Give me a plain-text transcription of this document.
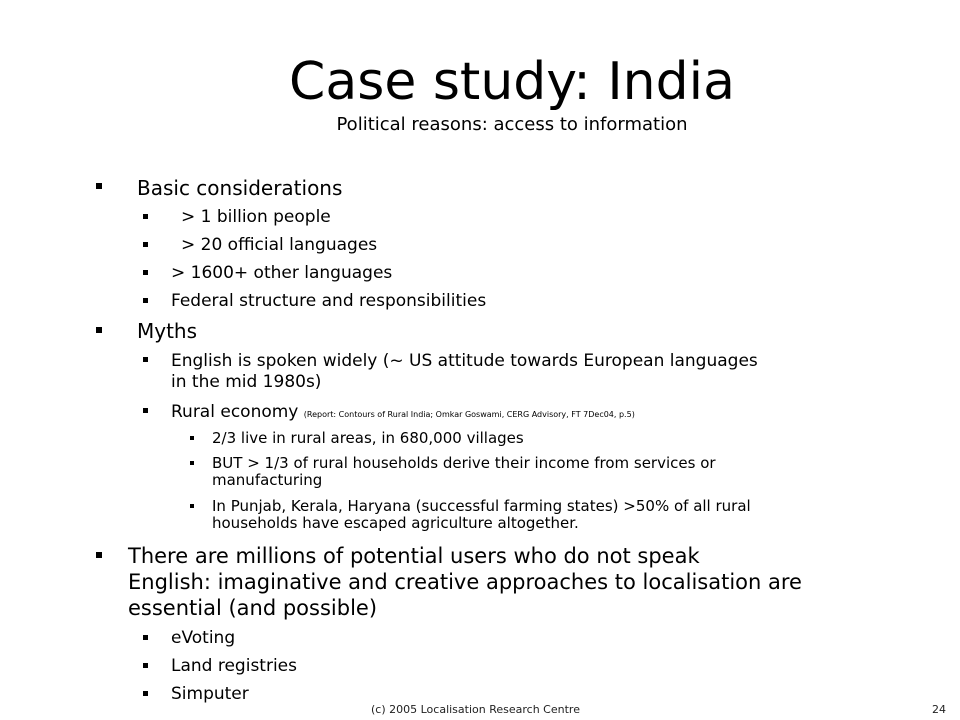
Case study: India
Political reasons: access to information
Basic considerations
> 1 billion people
> 20 official languages
> 1600+ other languages
Federal structure and responsibilities
Myths
English is spoken widely (~ US attitude towards European languages
in the mid 1980s)
Rural economy (Report: Contours of Rural India; Omkar Goswami, CERG Advisory, FT 7Dec04, p.5)
2/3 live in rural areas, in 680,000 villages
BUT > 1/3 of rural households derive their income from services or
manufacturing
In Punjab, Kerala, Haryana (successful farming states) >50% of all rural
households have escaped agriculture altogether.
There are millions of potential users who do not speak
English: imaginative and creative approaches to localisation are
essential (and possible)
eVoting
Land registries
Simputer
(c) 2005 Localisation Research Centre	24
